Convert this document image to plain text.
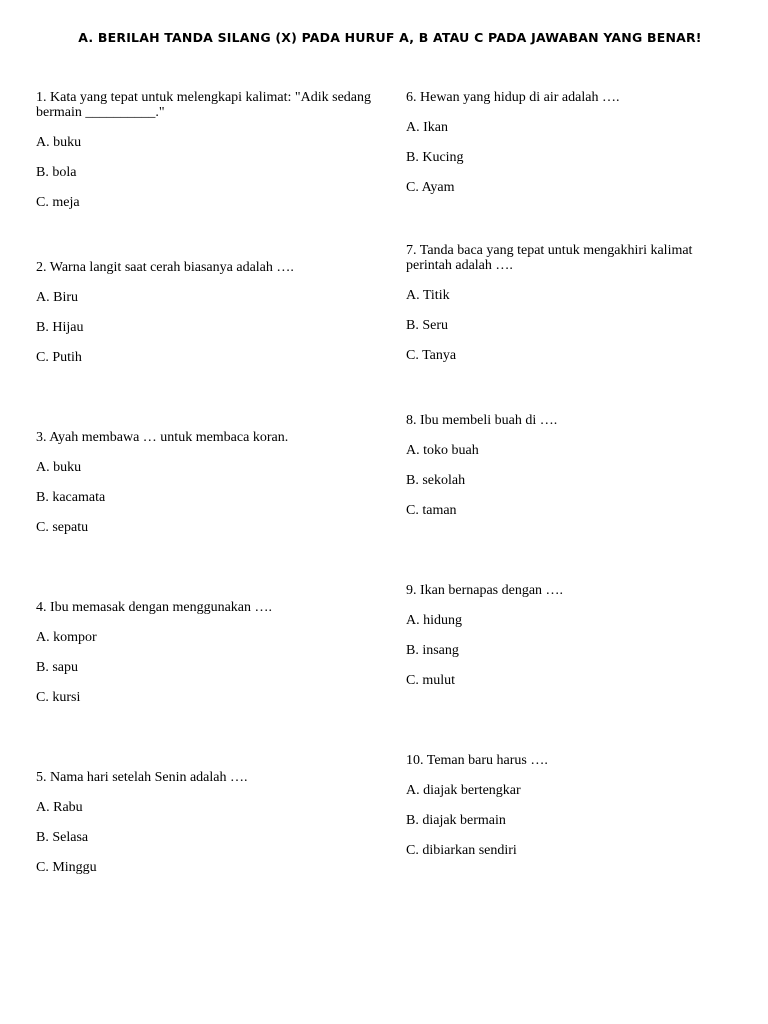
A. BERILAH TANDA SILANG (X) PADA HURUF A, B ATAU C PADA JAWABAN YANG BENAR!
1. Kata yang tepat untuk melengkapi kalimat: "Adik sedang bermain __________."
A. buku
B. bola
C. meja
2. Warna langit saat cerah biasanya adalah ….
A. Biru
B. Hijau
C. Putih
3. Ayah membawa … untuk membaca koran.
A. buku
B. kacamata
C. sepatu
4. Ibu memasak dengan menggunakan ….
A. kompor
B. sapu
C. kursi
5. Nama hari setelah Senin adalah ….
A. Rabu
B. Selasa
C. Minggu
6. Hewan yang hidup di air adalah ….
A. Ikan
B. Kucing
C. Ayam
7. Tanda baca yang tepat untuk mengakhiri kalimat perintah adalah ….
A. Titik
B. Seru
C. Tanya
8. Ibu membeli buah di ….
A. toko buah
B. sekolah
C. taman
9. Ikan bernapas dengan ….
A. hidung
B. insang
C. mulut
10. Teman baru harus ….
A. diajak bertengkar
B. diajak bermain
C. dibiarkan sendiri
